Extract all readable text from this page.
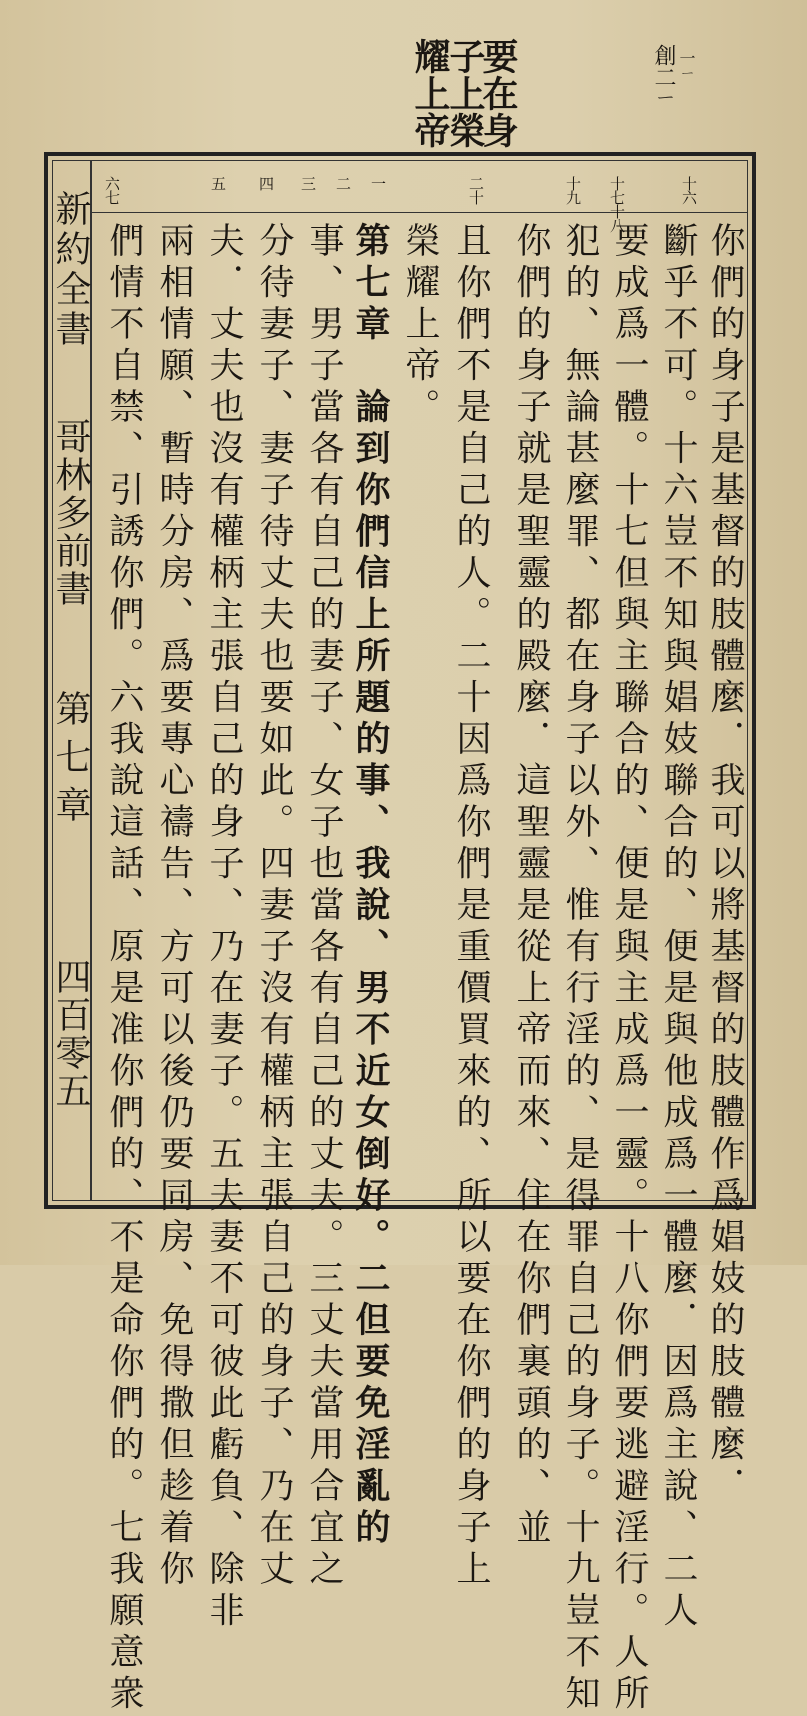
要在身
子上榮
耀上帝	創二ㄧ 一ㄧ
新約全書
哥林多前書
第七章
四百零五
十六
十七十八
十九
二十
一
二
三
四
五
六七
你們的身子是基督的肢體麼．我可以將基督的肢體作爲娼妓的肢體麼．
斷乎不可。十六豈不知與娼妓聯合的、便是與他成爲一體麼．因爲主說、二人
要成爲一體。十七但與主聯合的、便是與主成爲一靈。十八你們要逃避淫行。人所
犯的、無論甚麼罪、都在身子以外、惟有行淫的、是得罪自己的身子。十九豈不知
你們的身子就是聖靈的殿麼．這聖靈是從上帝而來、住在你們裏頭的、並
且你們不是自己的人。二十因爲你們是重價買來的、所以要在你們的身子上
榮耀上帝。
第七章　論到你們信上所題的事、我說、男不近女倒好。二但要免淫亂的
事、男子當各有自己的妻子、女子也當各有自己的丈夫。三丈夫當用合宜之
分待妻子、妻子待丈夫也要如此。四妻子沒有權柄主張自己的身子、乃在丈
夫．丈夫也沒有權柄主張自己的身子、乃在妻子。五夫妻不可彼此虧負、除非
兩相情願、暫時分房、爲要專心禱告、方可以後仍要同房、免得撒但趁着你
們情不自禁、引誘你們。六我說這話、原是准你們的、不是命你們的。七我願意衆
